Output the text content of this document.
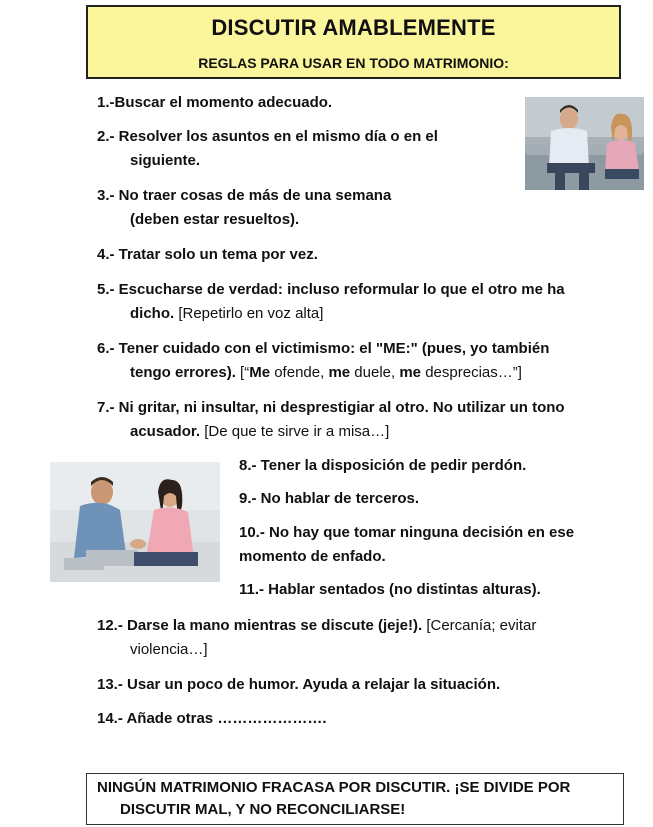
DISCUTIR AMABLEMENTE
REGLAS PARA USAR EN TODO MATRIMONIO:
1.-Buscar el momento adecuado.
2.- Resolver los asuntos en el mismo día o en el
siguiente.
3.- No traer cosas de más de una semana
(deben estar resueltos).
4.- Tratar solo un tema por vez.
5.- Escucharse de verdad: incluso reformular lo que el otro me ha
dicho. [Repetirlo en voz alta]
6.- Tener cuidado con el victimismo: el "ME:" (pues, yo también
tengo errores). [“Me ofende, me duele, me desprecias…”]
7.- Ni gritar, ni insultar, ni desprestigiar al otro. No utilizar un tono
acusador. [De que te sirve ir a misa…]
8.- Tener la disposición de pedir perdón.
9.- No hablar de terceros.
10.- No hay que tomar ninguna decisión en ese
momento de enfado.
11.- Hablar sentados (no distintas alturas).
12.- Darse la mano mientras se discute (jeje!). [Cercanía; evitar
violencia…]
13.- Usar un poco de humor. Ayuda a relajar la situación.
14.- Añade otras ………………….
NINGÚN MATRIMONIO FRACASA POR DISCUTIR. ¡SE DIVIDE POR
DISCUTIR MAL, Y NO RECONCILIARSE!
